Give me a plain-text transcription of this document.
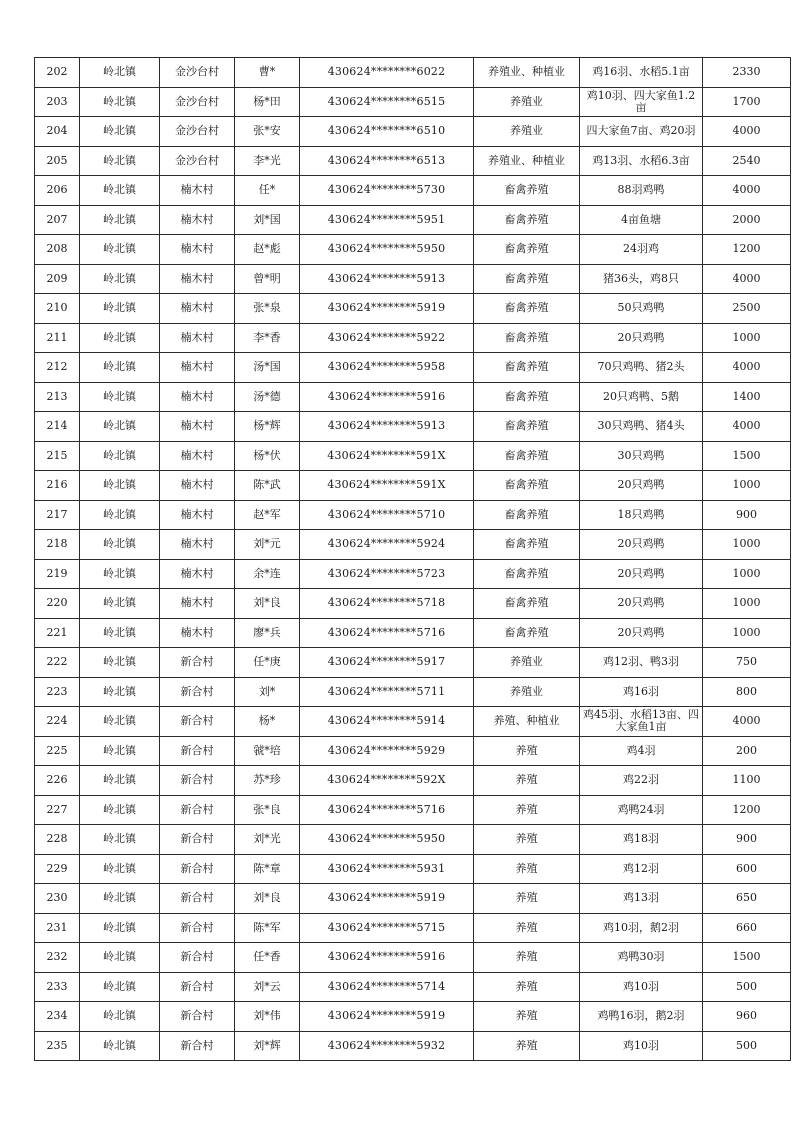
202	岭北镇	金沙台村	曹*	430624********6022	养殖业、种植业	鸡16羽、水稻5.1亩	2330
203	岭北镇	金沙台村	杨*田	430624********6515	养殖业	鸡10羽、四大家鱼1.2亩	1700
204	岭北镇	金沙台村	张*安	430624********6510	养殖业	四大家鱼7亩、鸡20羽	4000
205	岭北镇	金沙台村	李*光	430624********6513	养殖业、种植业	鸡13羽、水稻6.3亩	2540
206	岭北镇	楠木村	任*	430624********5730	畜禽养殖	88羽鸡鸭	4000
207	岭北镇	楠木村	刘*国	430624********5951	畜禽养殖	4亩鱼塘	2000
208	岭北镇	楠木村	赵*彪	430624********5950	畜禽养殖	24羽鸡	1200
209	岭北镇	楠木村	曾*明	430624********5913	畜禽养殖	猪36头，鸡8只	4000
210	岭北镇	楠木村	张*泉	430624********5919	畜禽养殖	50只鸡鸭	2500
211	岭北镇	楠木村	李*香	430624********5922	畜禽养殖	20只鸡鸭	1000
212	岭北镇	楠木村	汤*国	430624********5958	畜禽养殖	70只鸡鸭、猪2头	4000
213	岭北镇	楠木村	汤*德	430624********5916	畜禽养殖	20只鸡鸭、5鹅	1400
214	岭北镇	楠木村	杨*辉	430624********5913	畜禽养殖	30只鸡鸭、猪4头	4000
215	岭北镇	楠木村	杨*伏	430624********591X	畜禽养殖	30只鸡鸭	1500
216	岭北镇	楠木村	陈*武	430624********591X	畜禽养殖	20只鸡鸭	1000
217	岭北镇	楠木村	赵*军	430624********5710	畜禽养殖	18只鸡鸭	900
218	岭北镇	楠木村	刘*元	430624********5924	畜禽养殖	20只鸡鸭	1000
219	岭北镇	楠木村	余*连	430624********5723	畜禽养殖	20只鸡鸭	1000
220	岭北镇	楠木村	刘*良	430624********5718	畜禽养殖	20只鸡鸭	1000
221	岭北镇	楠木村	廖*兵	430624********5716	畜禽养殖	20只鸡鸭	1000
222	岭北镇	新合村	任*庚	430624********5917	养殖业	鸡12羽、鸭3羽	750
223	岭北镇	新合村	刘*	430624********5711	养殖业	鸡16羽	800
224	岭北镇	新合村	杨*	430624********5914	养殖、种植业	鸡45羽、水稻13亩、四大家鱼1亩	4000
225	岭北镇	新合村	虢*培	430624********5929	养殖	鸡4羽	200
226	岭北镇	新合村	苏*珍	430624********592X	养殖	鸡22羽	1100
227	岭北镇	新合村	张*良	430624********5716	养殖	鸡鸭24羽	1200
228	岭北镇	新合村	刘*光	430624********5950	养殖	鸡18羽	900
229	岭北镇	新合村	陈*章	430624********5931	养殖	鸡12羽	600
230	岭北镇	新合村	刘*良	430624********5919	养殖	鸡13羽	650
231	岭北镇	新合村	陈*军	430624********5715	养殖	鸡10羽，鹅2羽	660
232	岭北镇	新合村	任*香	430624********5916	养殖	鸡鸭30羽	1500
233	岭北镇	新合村	刘*云	430624********5714	养殖	鸡10羽	500
234	岭北镇	新合村	刘*伟	430624********5919	养殖	鸡鸭16羽，鹅2羽	960
235	岭北镇	新合村	刘*辉	430624********5932	养殖	鸡10羽	500
